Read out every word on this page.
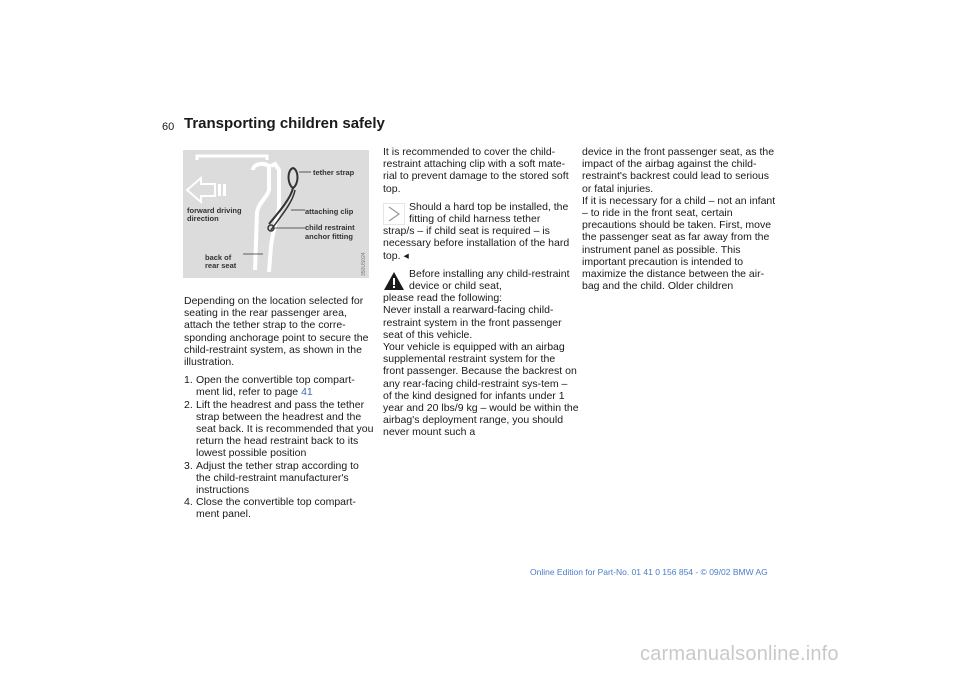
60 Transporting children safely
tether strap
attaching clip
child restraint
anchor fitting
forward driving
direction
back of
rear seat	350US024

Depending on the location selected for seating in the rear passenger area, attach the tether strap to the corre-sponding anchorage point to secure the child-restraint system, as shown in the illustration.

1. Open the convertible top compart-ment lid, refer to page 41
2. Lift the headrest and pass the tether strap between the headrest and the seat back. It is recommended that you return the head restraint back to its lowest possible position
3. Adjust the tether strap according to the child-restraint manufacturer's instructions
4. Close the convertible top compart-ment panel.

It is recommended to cover the child-restraint attaching clip with a soft mate-rial to prevent damage to the stored soft top.

Should a hard top be installed, the fitting of child harness tether
strap/s – if child seat is required – is necessary before installation of the hard top. ◂

Before installing any child-restraint device or child seat,
please read the following:

Never install a rearward-facing child-restraint system in the front passenger seat of this vehicle.

Your vehicle is equipped with an airbag supplemental restraint system for the front passenger. Because the backrest on any rear-facing child-restraint sys-tem – of the kind designed for infants under 1 year and 20 lbs/9 kg – would be within the airbag's deployment range, you should never mount such a

device in the front passenger seat, as the impact of the airbag against the child-restraint's backrest could lead to serious or fatal injuries.

If it is necessary for a child – not an infant – to ride in the front seat, certain precautions should be taken. First, move the passenger seat as far away from the instrument panel as possible. This important precaution is intended to maximize the distance between the air-bag and the child. Older children

Online Edition for Part-No. 01 41 0 156 854 - © 09/02 BMW AG
carmanualsonline.info
